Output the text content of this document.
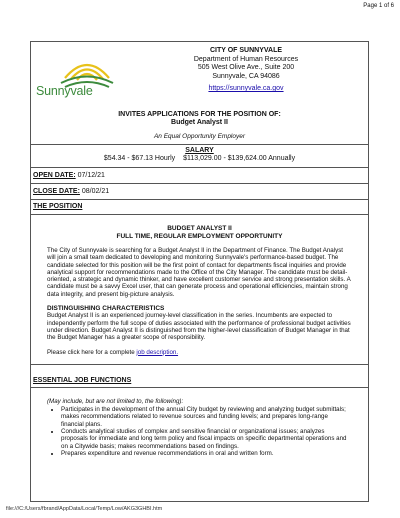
Page 1 of 6
Sunnyvale
CITY OF SUNNYVALE
Department of Human Resources
505 West Olive Ave., Suite 200
Sunnyvale, CA 94086
https://sunnyvale.ca.gov
INVITES APPLICATIONS FOR THE POSITION OF:
Budget Analyst II
An Equal Opportunity Employer
SALARY
$54.34 - $67.13 Hourly $113,029.00 - $139,624.00 Annually
OPEN DATE: 07/12/21
CLOSE DATE: 08/02/21
THE POSITION
BUDGET ANALYST II
FULL TIME, REGULAR EMPLOYMENT OPPORTUNITY
The City of Sunnyvale is searching for a Budget Analyst II in the Department of Finance. The Budget Analyst will join a small team dedicated to developing and monitoring Sunnyvale's performance-based budget. The candidate selected for this position will be the first point of contact for departments fiscal inquiries and provide analytical support for recommendations made to the Office of the City Manager. The candidate must be detail-oriented, a strategic and dynamic thinker, and have excellent customer service and strong presentation skills. A candidate must be a savvy Excel user, that can generate process and operational efficiencies, maintain strong data integrity, and present big-picture analysis.
DISTINGUISHING CHARACTERISTICS
Budget Analyst II is an experienced journey-level classification in the series. Incumbents are expected to independently perform the full scope of duties associated with the performance of professional budget activities under direction. Budget Analyst II is distinguished from the higher-level classification of Budget Manager in that the Budget Manager has a greater scope of responsibility.
Please click here for a complete job description.
ESSENTIAL JOB FUNCTIONS
(May include, but are not limited to, the following):
• Participates in the development of the annual City budget by reviewing and analyzing budget submittals; makes recommendations related to revenue sources and funding levels; and prepares long-range financial plans.
• Conducts analytical studies of complex and sensitive financial or organizational issues; analyzes proposals for immediate and long term policy and fiscal impacts on specific departmental operations and on a Citywide basis; makes recommendations based on findings.
• Prepares expenditure and revenue recommendations in oral and written form.
file:///C:/Users/fbrand/AppData/Local/Temp/Low/AKG3GHBI.htm
